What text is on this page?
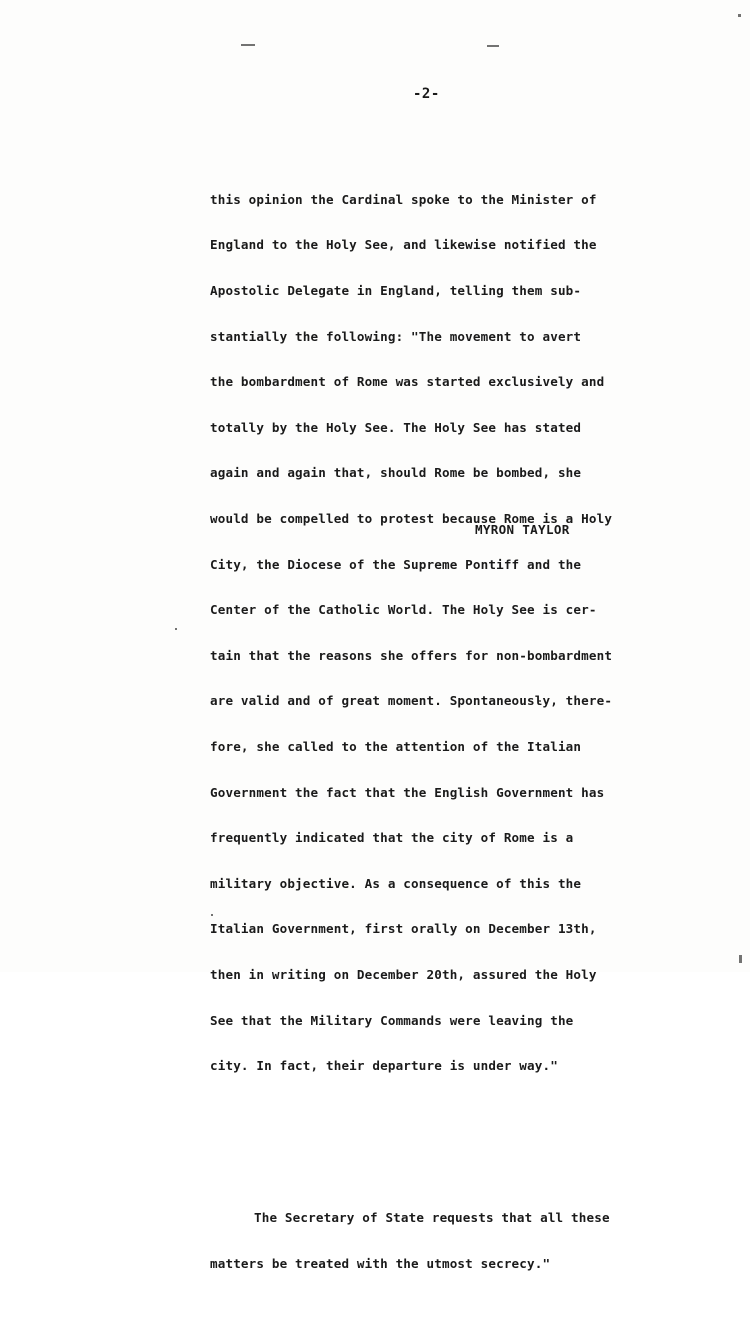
-2-

this opinion the Cardinal spoke to the Minister of

England to the Holy See, and likewise notified the

Apostolic Delegate in England, telling them sub-

stantially the following: "The movement to avert

the bombardment of Rome was started exclusively and

totally by the Holy See. The Holy See has stated

again and again that, should Rome be bombed, she

would be compelled to protest because Rome is a Holy

City, the Diocese of the Supreme Pontiff and the

Center of the Catholic World. The Holy See is cer-

tain that the reasons she offers for non-bombardment

are valid and of great moment. Spontaneously, there-

fore, she called to the attention of the Italian

Government the fact that the English Government has

frequently indicated that the city of Rome is a

military objective. As a consequence of this the

Italian Government, first orally on December 13th,

then in writing on December 20th, assured the Holy

See that the Military Commands were leaving the

city. In fact, their departure is under way."

The Secretary of State requests that all these

matters be treated with the utmost secrecy."

MYRON TAYLOR
